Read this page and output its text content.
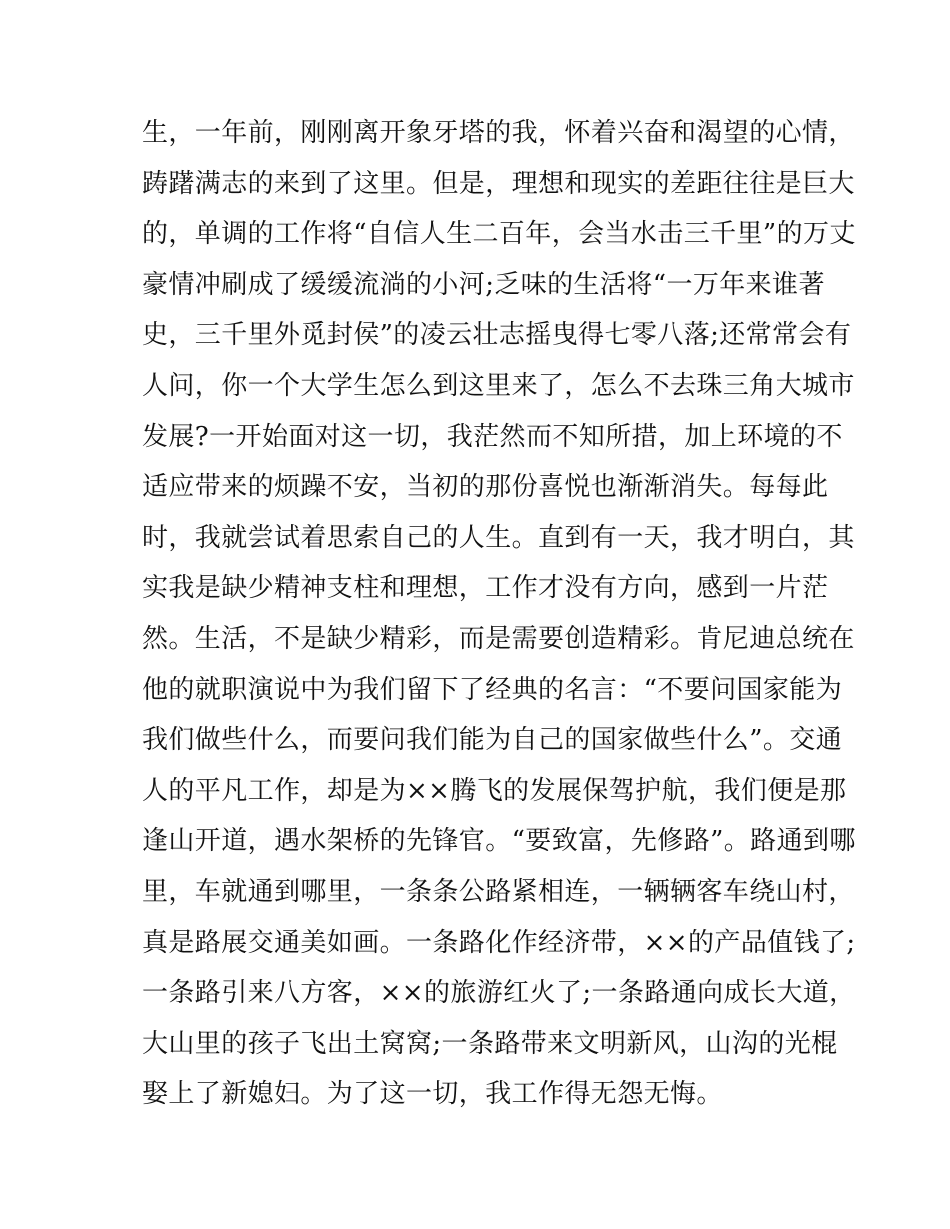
生，一年前，刚刚离开象牙塔的我，怀着兴奋和渴望的心情，
踌躇满志的来到了这里。但是，理想和现实的差距往往是巨大
的，单调的工作将“自信人生二百年，会当水击三千里”的万丈
豪情冲刷成了缓缓流淌的小河;乏味的生活将“一万年来谁著
史，三千里外觅封侯”的凌云壮志摇曳得七零八落;还常常会有
人问，你一个大学生怎么到这里来了，怎么不去珠三角大城市
发展?一开始面对这一切，我茫然而不知所措，加上环境的不
适应带来的烦躁不安，当初的那份喜悦也渐渐消失。每每此
时，我就尝试着思索自己的人生。直到有一天，我才明白，其
实我是缺少精神支柱和理想，工作才没有方向，感到一片茫
然。生活，不是缺少精彩，而是需要创造精彩。肯尼迪总统在
他的就职演说中为我们留下了经典的名言：“不要问国家能为
我们做些什么，而要问我们能为自己的国家做些什么”。交通
人的平凡工作，却是为××腾飞的发展保驾护航，我们便是那
逢山开道，遇水架桥的先锋官。“要致富，先修路”。路通到哪
里，车就通到哪里，一条条公路紧相连，一辆辆客车绕山村，
真是路展交通美如画。一条路化作经济带，××的产品值钱了;
一条路引来八方客，××的旅游红火了;一条路通向成长大道，
大山里的孩子飞出土窝窝;一条路带来文明新风，山沟的光棍
娶上了新媳妇。为了这一切，我工作得无怨无悔。
